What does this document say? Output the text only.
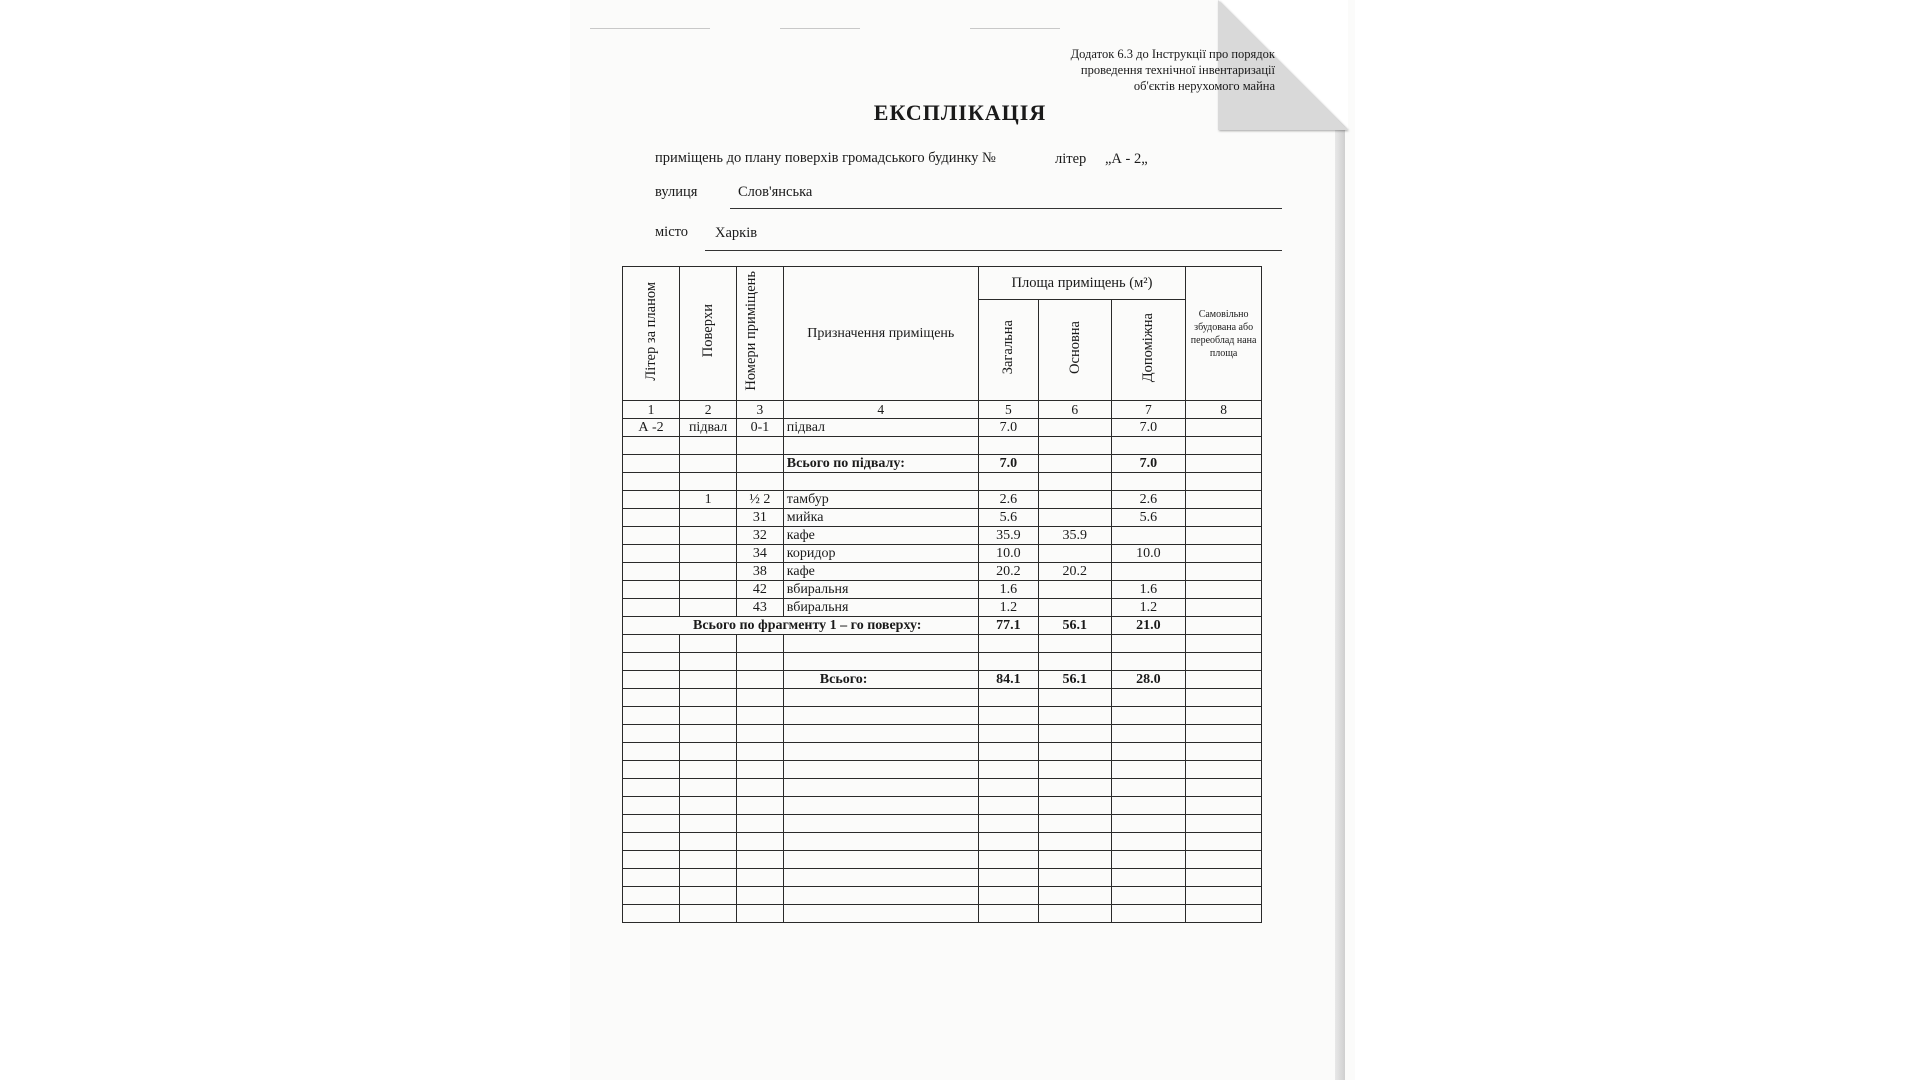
Додаток 6.3 до Інструкції про порядок
проведення технічної інвентаризації
об'єктів нерухомого майна
ЕКСПЛІКАЦІЯ
приміщень до плану поверхів громадського будинку №	літер „А - 2„
вулиця	Слов'янська
місто Харків
Літер за планом	Поверхи	Номери приміщень	Призначення приміщень	Площа приміщень (м²)			Самовільно збудована або переоблад нана площа

				Загальна	Основна	Допоміжна	
1	2	3	4	5	6	7	8
А -2	підвал	0-1	підвал	7.0		7.0	

			Всього по підвалу:	7.0		7.0	

	1	½ 2	тамбур	2.6		2.6	
		31	мийка	5.6		5.6	
		32	кафе	35.9	35.9		
		34	коридор	10.0		10.0	
		38	кафе	20.2	20.2		
		42	вбиральня	1.6		1.6	
		43	вбиральня	1.2		1.2	
Всього по фрагменту 1 – го поверху:				77.1	56.1	21.0	

			Всього:	84.1	56.1	28.0	
